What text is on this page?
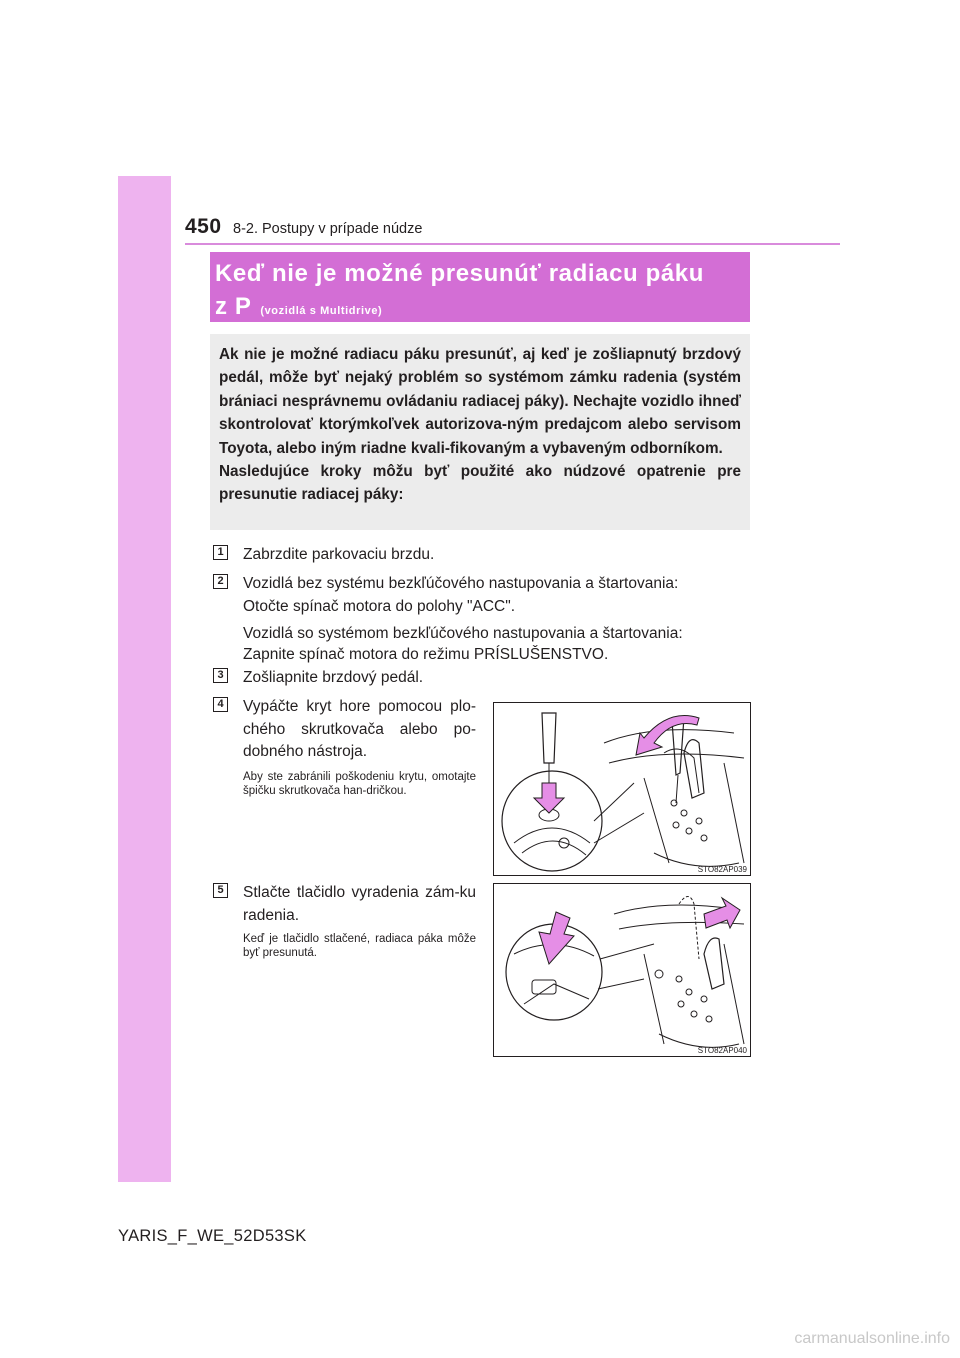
450 8-2. Postupy v prípade núdze
Keď nie je možné presunúť radiacu páku
z P (vozidlá s Multidrive)

Ak nie je možné radiacu páku presunúť, aj keď je zošliapnutý brzdový pedál, môže byť nejaký problém so systémom zámku radenia (systém brániaci nesprávnemu ovládaniu radiacej páky). Nechajte vozidlo ihneď skontrolovať ktorýmkoľvek autorizova-ným predajcom alebo servisom Toyota, alebo iným riadne kvali-fikovaným a vybaveným odborníkom.

Nasledujúce kroky môžu byť použité ako núdzové opatrenie pre presunutie radiacej páky:

1 Zabrzdite parkovaciu brzdu.
2 Vozidlá bez systému bezkľúčového nastupovania a štartovania:
Otočte spínač motora do polohy "ACC".
Vozidlá so systémom bezkľúčového nastupovania a štartovania:
Zapnite spínač motora do režimu PRÍSLUŠENSTVO.
3 Zošliapnite brzdový pedál.
4 Vypáčte kryt hore pomocou plo-chého skrutkovača alebo po-dobného nástroja.
Aby ste zabránili poškodeniu krytu, omotajte špičku skrutkovača han-dričkou.
STO82AP039
5 Stlačte tlačidlo vyradenia zám-ku radenia.
Keď je tlačidlo stlačené, radiaca páka môže byť presunutá.
STO82AP040
YARIS_F_WE_52D53SK
carmanualsonline.info
